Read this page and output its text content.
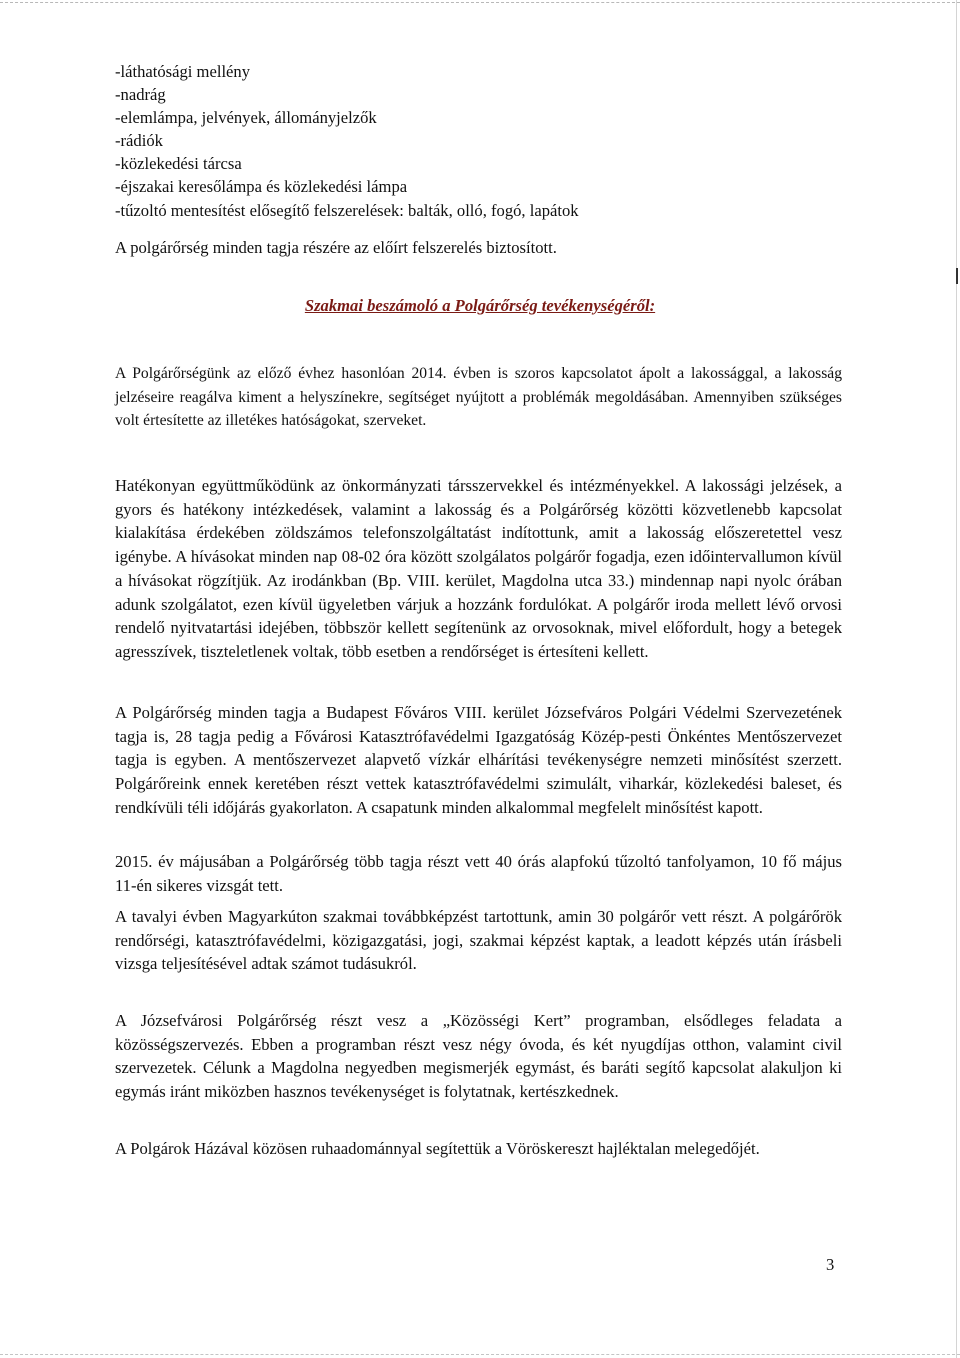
-láthatósági mellény
-nadrág
-elemlámpa, jelvények, állományjelzők
-rádiók
-közlekedési tárcsa
-éjszakai keresőlámpa és közlekedési lámpa
-tűzoltó mentesítést elősegítő felszerelések: balták, olló, fogó, lapátok
A polgárőrség minden tagja részére az előírt felszerelés biztosított.
Szakmai beszámoló a Polgárőrség tevékenységéről:

A Polgárőrségünk az előző évhez hasonlóan 2014. évben is szoros kapcsolatot ápolt a lakossággal, a lakosság jelzéseire reagálva kiment a helyszínekre, segítséget nyújtott a problémák megoldásában. Amennyiben szükséges volt értesítette az illetékes hatóságokat, szerveket.

Hatékonyan együttműködünk az önkormányzati társszervekkel és intézményekkel. A lakossági jelzések, a gyors és hatékony intézkedések, valamint a lakosság és a Polgárőrség közötti közvetlenebb kapcsolat kialakítása érdekében zöldszámos telefonszolgáltatást indítottunk, amit a lakosság előszeretettel vesz igénybe. A hívásokat minden nap 08-02 óra között szolgálatos polgárőr fogadja, ezen időintervallumon kívül a hívásokat rögzítjük. Az irodánkban (Bp. VIII. kerület, Magdolna utca 33.) mindennap napi nyolc órában adunk szolgálatot, ezen kívül ügyeletben várjuk a hozzánk fordulókat. A polgárőr iroda mellett lévő orvosi rendelő nyitvatartási idejében, többször kellett segítenünk az orvosoknak, mivel előfordult, hogy a betegek agresszívek, tiszteletlenek voltak, több esetben a rendőrséget is értesíteni kellett.

A Polgárőrség minden tagja a Budapest Főváros VIII. kerület Józsefváros Polgári Védelmi Szervezetének tagja is, 28 tagja pedig a Fővárosi Katasztrófavédelmi Igazgatóság Közép-pesti Önkéntes Mentőszervezet tagja is egyben. A mentőszervezet alapvető vízkár elhárítási tevékenységre nemzeti minősítést szerzett. Polgárőreink ennek keretében részt vettek katasztrófavédelmi szimulált, viharkár, közlekedési baleset, és rendkívüli téli időjárás gyakorlaton. A csapatunk minden alkalommal megfelelt minősítést kapott.

2015. év májusában a Polgárőrség több tagja részt vett 40 órás alapfokú tűzoltó tanfolyamon, 10 fő május 11-én sikeres vizsgát tett.

A tavalyi évben Magyarkúton szakmai továbbképzést tartottunk, amin 30 polgárőr vett részt. A polgárőrök rendőrségi, katasztrófavédelmi, közigazgatási, jogi, szakmai képzést kaptak, a leadott képzés után írásbeli vizsga teljesítésével adtak számot tudásukról.

A Józsefvárosi Polgárőrség részt vesz a „Közösségi Kert” programban, elsődleges feladata a közösségszervezés. Ebben a programban részt vesz négy óvoda, és két nyugdíjas otthon, valamint civil szervezetek. Célunk a Magdolna negyedben megismerjék egymást, és baráti segítő kapcsolat alakuljon ki egymás iránt miközben hasznos tevékenységet is folytatnak, kertészkednek.

A Polgárok Házával közösen ruhaadománnyal segítettük a Vöröskereszt hajléktalan melegedőjét.

3
